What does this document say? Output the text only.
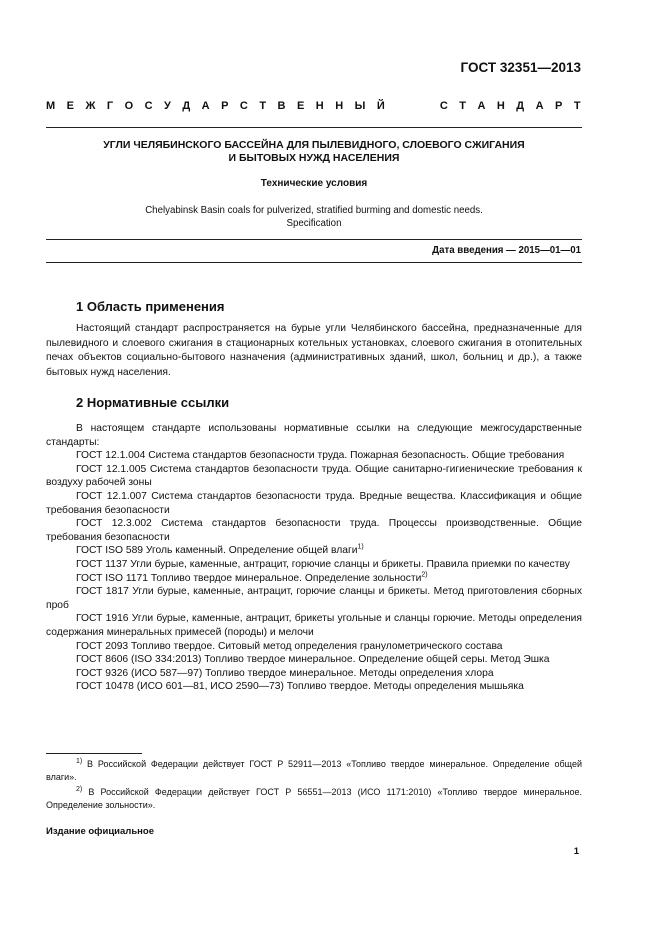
ГОСТ 32351—2013
М Е Ж Г О С У Д А Р С Т В Е Н Н Ы Й

	С Т А Н Д А Р Т
УГЛИ ЧЕЛЯБИНСКОГО БАССЕЙНА ДЛЯ ПЫЛЕВИДНОГО, СЛОЕВОГО СЖИГАНИЯ
И БЫТОВЫХ НУЖД НАСЕЛЕНИЯ
Технические условия
Chelyabinsk Basin coals for pulverized, stratified burming and domestic needs.
Specification
Дата введения — 2015—01—01
1 Область применения

Настоящий стандарт распространяется на бурые угли Челябинского бассейна, предназначенные для пылевидного и слоевого сжигания в стационарных котельных установках, слоевого сжигания в отопительных печах объектов социально-бытового назначения (административных зданий, школ, больниц и др.), а также бытовых нужд населения.

2 Нормативные ссылки

В настоящем стандарте использованы нормативные ссылки на следующие межгосударственные стандарты:

ГОСТ 12.1.004 Система стандартов безопасности труда. Пожарная безопасность. Общие требования

ГОСТ 12.1.005 Система стандартов безопасности труда. Общие санитарно-гигиенические требования к воздуху рабочей зоны

ГОСТ 12.1.007 Система стандартов безопасности труда. Вредные вещества. Классификация и общие требования безопасности

ГОСТ 12.3.002 Система стандартов безопасности труда. Процессы производственные. Общие требования безопасности

ГОСТ ISO 589 Уголь каменный. Определение общей влаги$^{1)}$

ГОСТ 1137 Угли бурые, каменные, антрацит, горючие сланцы и брикеты. Правила приемки по качеству

ГОСТ ISO 1171 Топливо твердое минеральное. Определение зольности$^{2)}$

ГОСТ 1817 Угли бурые, каменные, антрацит, горючие сланцы и брикеты. Метод приготовления сборных проб

ГОСТ 1916 Угли бурые, каменные, антрацит, брикеты угольные и сланцы горючие. Методы определения содержания минеральных примесей (породы) и мелочи

ГОСТ 2093 Топливо твердое. Ситовый метод определения гранулометрического состава

ГОСТ 8606 (ISO 334:2013) Топливо твердое минеральное. Определение общей серы. Метод Эшка

ГОСТ 9326 (ИСО 587—97) Топливо твердое минеральное. Методы определения хлора

ГОСТ 10478 (ИСО 601—81, ИСО 2590—73) Топливо твердое. Методы определения мышьяка

$^{1)}$ В Российской Федерации действует ГОСТ Р 52911—2013 «Топливо твердое минеральное. Определение общей влаги».

$^{2)}$ В Российской Федерации действует ГОСТ Р 56551—2013 (ИСО 1171:2010) «Топливо твердое минеральное. Определение зольности».

Издание официальное
1
